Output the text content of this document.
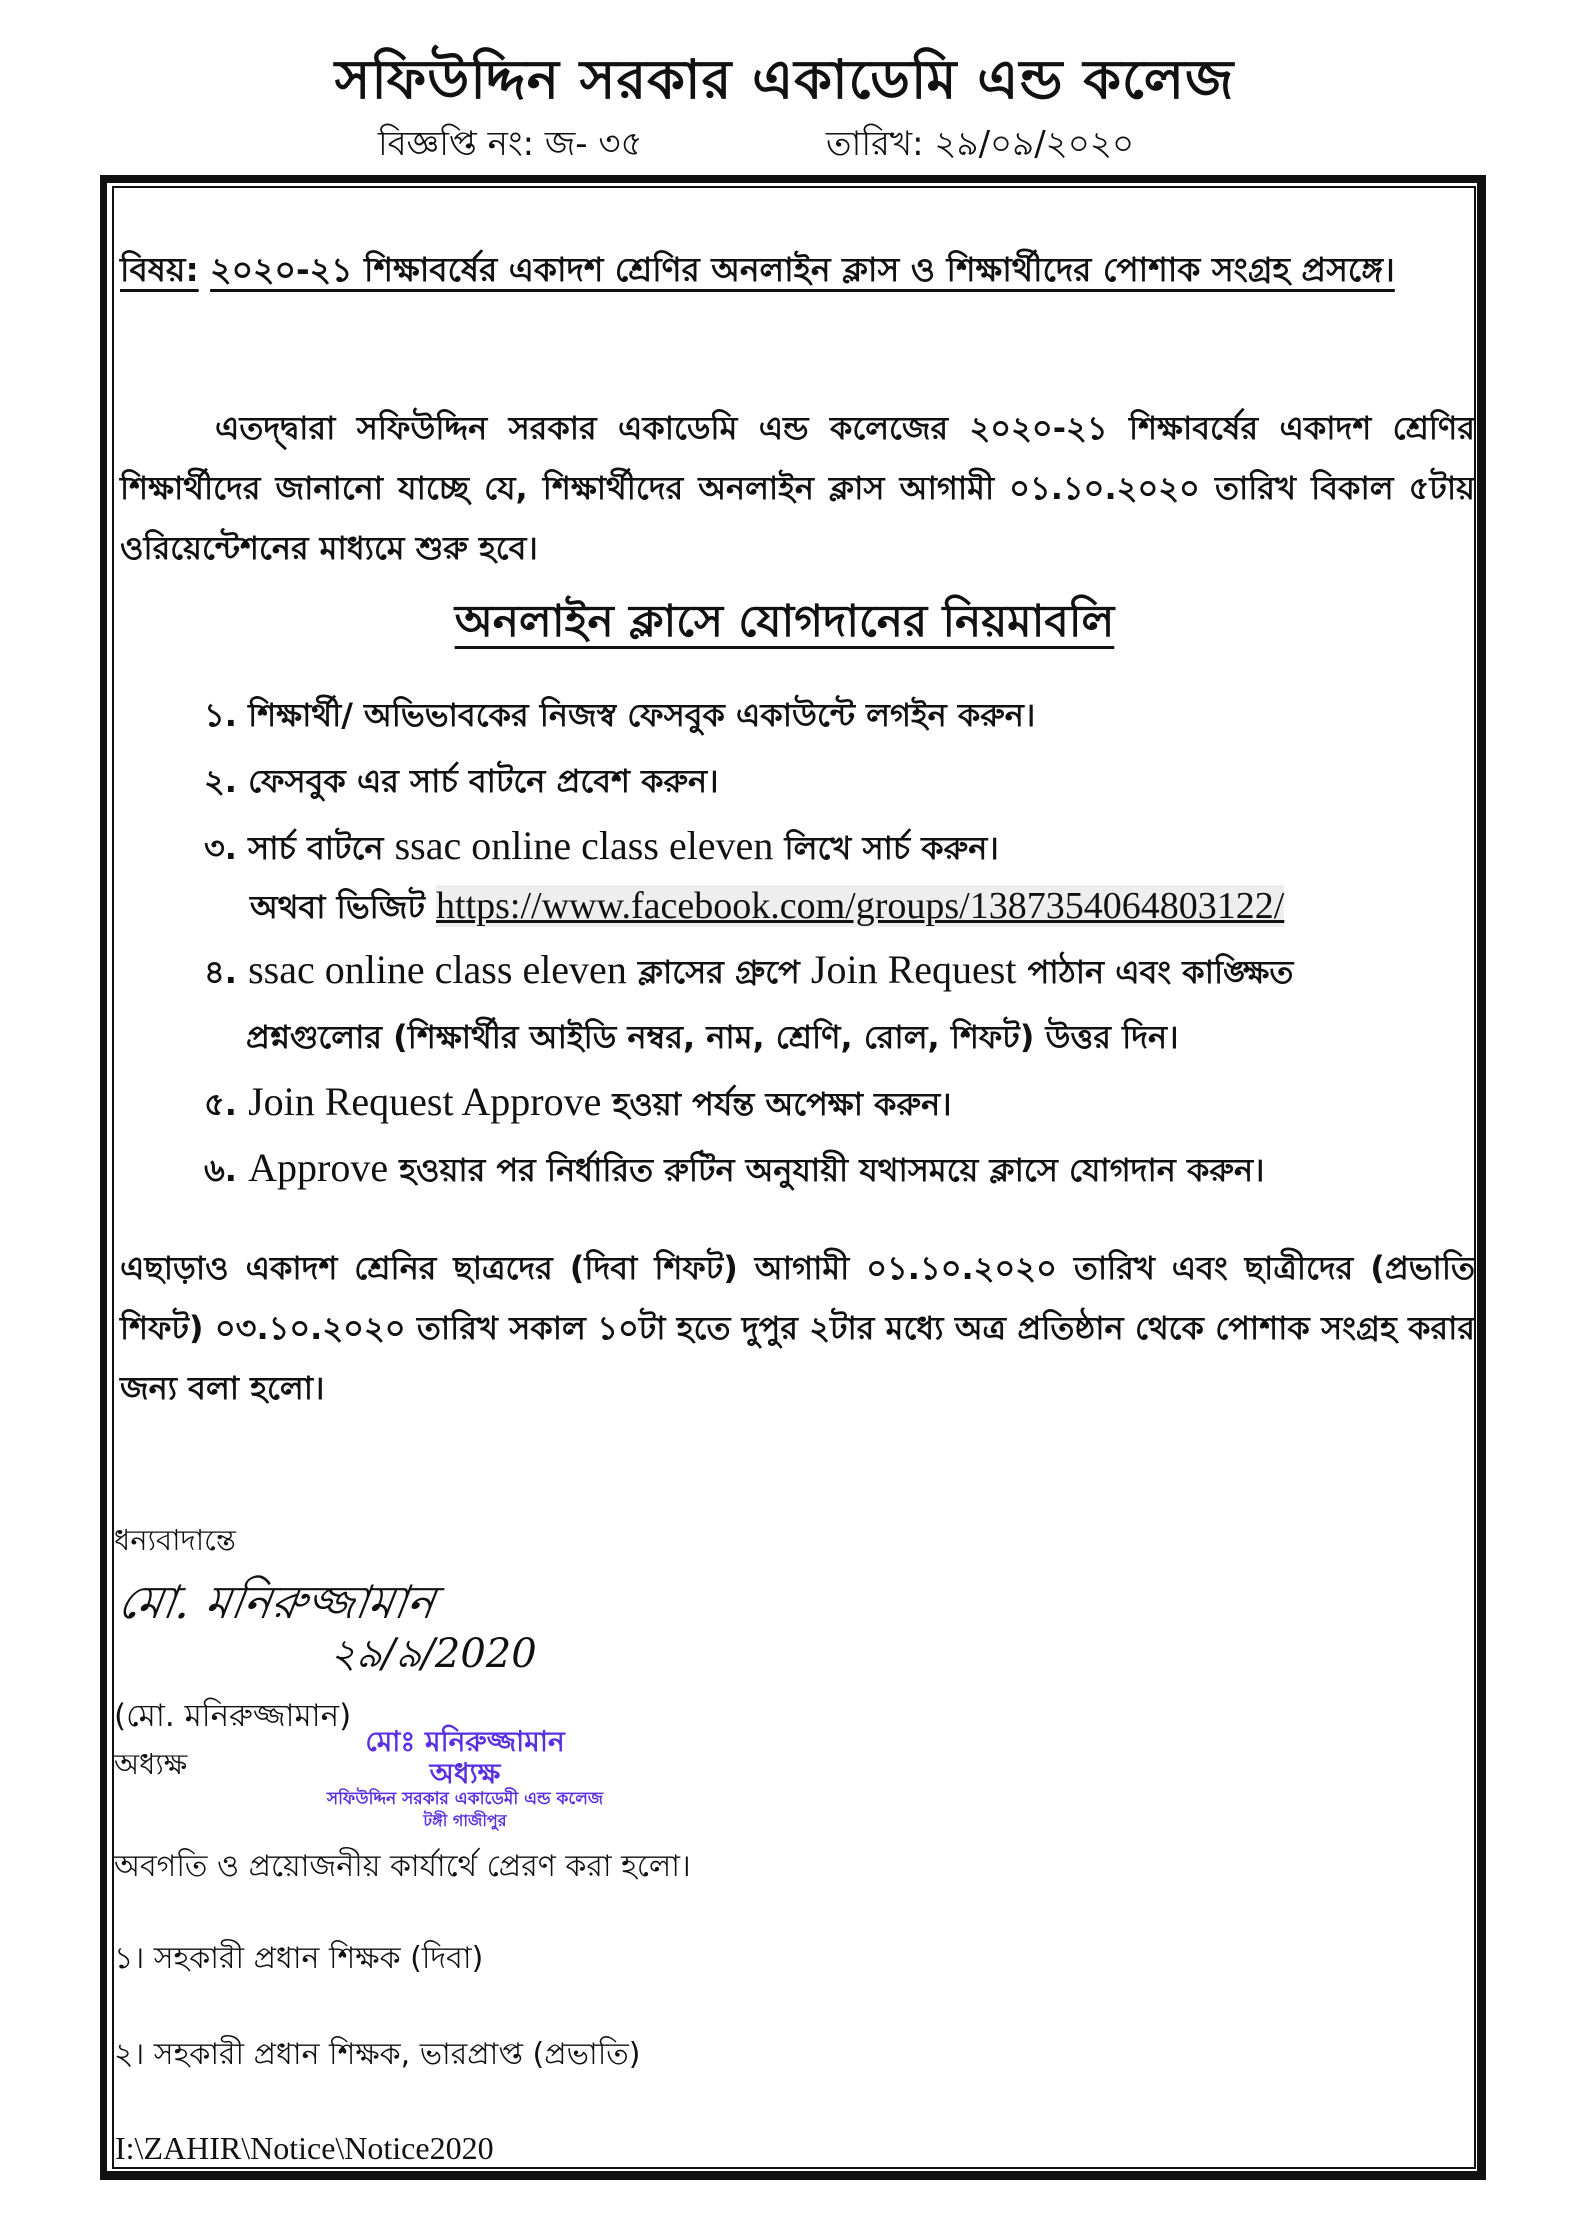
সফিউদ্দিন সরকার একাডেমি এন্ড কলেজ
বিজ্ঞপ্তি নং: জ- ৩৫	তারিখ: ২৯/০৯/২০২০
বিষয়: ২০২০-২১ শিক্ষাবর্ষের একাদশ শ্রেণির অনলাইন ক্লাস ও শিক্ষার্থীদের পোশাক সংগ্রহ প্রসঙ্গে।
এতদ্দ্বারা সফিউদ্দিন সরকার একাডেমি এন্ড কলেজের ২০২০-২১ শিক্ষাবর্ষের একাদশ শ্রেণির শিক্ষার্থীদের জানানো যাচ্ছে যে, শিক্ষার্থীদের অনলাইন ক্লাস আগামী ০১.১০.২০২০ তারিখ বিকাল ৫টায় ওরিয়েন্টেশনের মাধ্যমে শুরু হবে।
অনলাইন ক্লাসে যোগদানের নিয়মাবলি
১. শিক্ষার্থী/ অভিভাবকের নিজস্ব ফেসবুক একাউন্টে লগইন করুন।
২. ফেসবুক এর সার্চ বাটনে প্রবেশ করুন।
৩. সার্চ বাটনে ssac online class eleven লিখে সার্চ করুন।
অথবা ভিজিট https://www.facebook.com/groups/1387354064803122/
৪. ssac online class eleven ক্লাসের গ্রুপে Join Request পাঠান এবং কাঙ্ক্ষিত
প্রশ্নগুলোর (শিক্ষার্থীর আইডি নম্বর, নাম, শ্রেণি, রোল, শিফট) উত্তর দিন।
৫. Join Request Approve হওয়া পর্যন্ত অপেক্ষা করুন।
৬. Approve হওয়ার পর নির্ধারিত রুটিন অনুযায়ী যথাসময়ে ক্লাসে যোগদান করুন।
এছাড়াও একাদশ শ্রেনির ছাত্রদের (দিবা শিফট) আগামী ০১.১০.২০২০ তারিখ এবং ছাত্রীদের (প্রভাতি শিফট) ০৩.১০.২০২০ তারিখ সকাল ১০টা হতে দুপুর ২টার মধ্যে অত্র প্রতিষ্ঠান থেকে পোশাক সংগ্রহ করার জন্য বলা হলো।
ধন্যবাদান্তে
মো. মনিরুজ্জামান
২৯/৯/2020
(মো. মনিরুজ্জামান)
অধ্যক্ষ
মোঃ মনিরুজ্জামান
অধ্যক্ষ
সফিউদ্দিন সরকার একাডেমী এন্ড কলেজ
টঙ্গী গাজীপুর
অবগতি ও প্রয়োজনীয় কার্যার্থে প্রেরণ করা হলো।
১। সহকারী প্রধান শিক্ষক (দিবা)
২। সহকারী প্রধান শিক্ষক, ভারপ্রাপ্ত (প্রভাতি)
I:\ZAHIR\Notice\Notice2020
